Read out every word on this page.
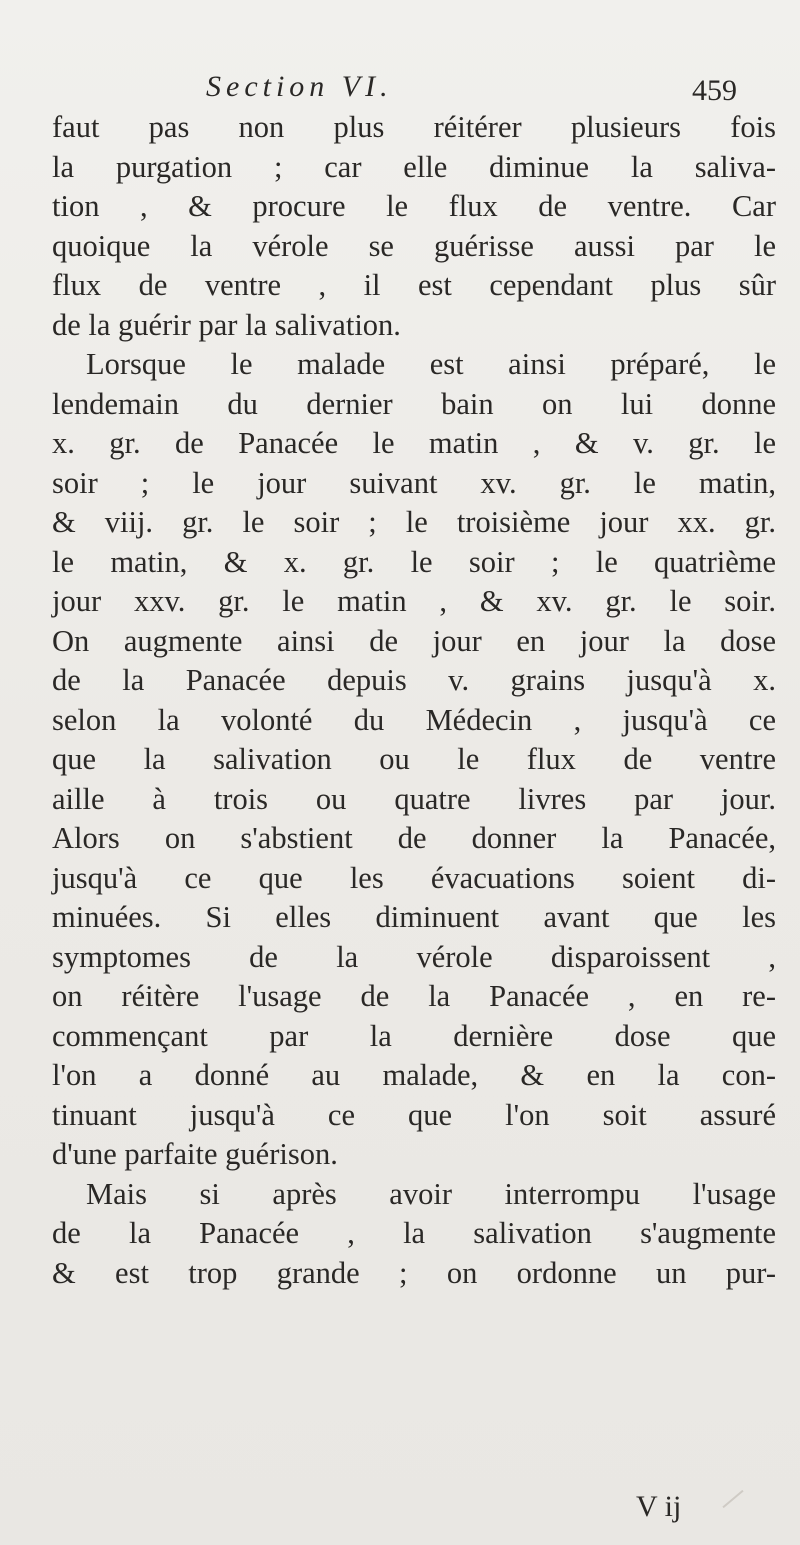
Section VI.	459
faut pas non plus réitérer plusieurs fois
la purgation ; car elle diminue la saliva-
tion , & procure le flux de ventre. Car
quoique la vérole se guérisse aussi par le
flux de ventre , il est cependant plus sûr
de la guérir par la salivation.
Lorsque le malade est ainsi préparé, le
lendemain du dernier bain on lui donne
x. gr. de Panacée le matin , & v. gr. le
soir ; le jour suivant xv. gr. le matin,
& viij. gr. le soir ; le troisième jour xx. gr.
le matin, & x. gr. le soir ; le quatrième
jour xxv. gr. le matin , & xv. gr. le soir.
On augmente ainsi de jour en jour la dose
de la Panacée depuis v. grains jusqu'à x.
selon la volonté du Médecin , jusqu'à ce
que la salivation ou le flux de ventre
aille à trois ou quatre livres par jour.
Alors on s'abstient de donner la Panacée,
jusqu'à ce que les évacuations soient di-
minuées. Si elles diminuent avant que les
symptomes de la vérole disparoissent ,
on réitère l'usage de la Panacée , en re-
commençant par la dernière dose que
l'on a donné au malade, & en la con-
tinuant jusqu'à ce que l'on soit assuré
d'une parfaite guérison.
Mais si après avoir interrompu l'usage
de la Panacée , la salivation s'augmente
& est trop grande ; on ordonne un pur-
V ij
